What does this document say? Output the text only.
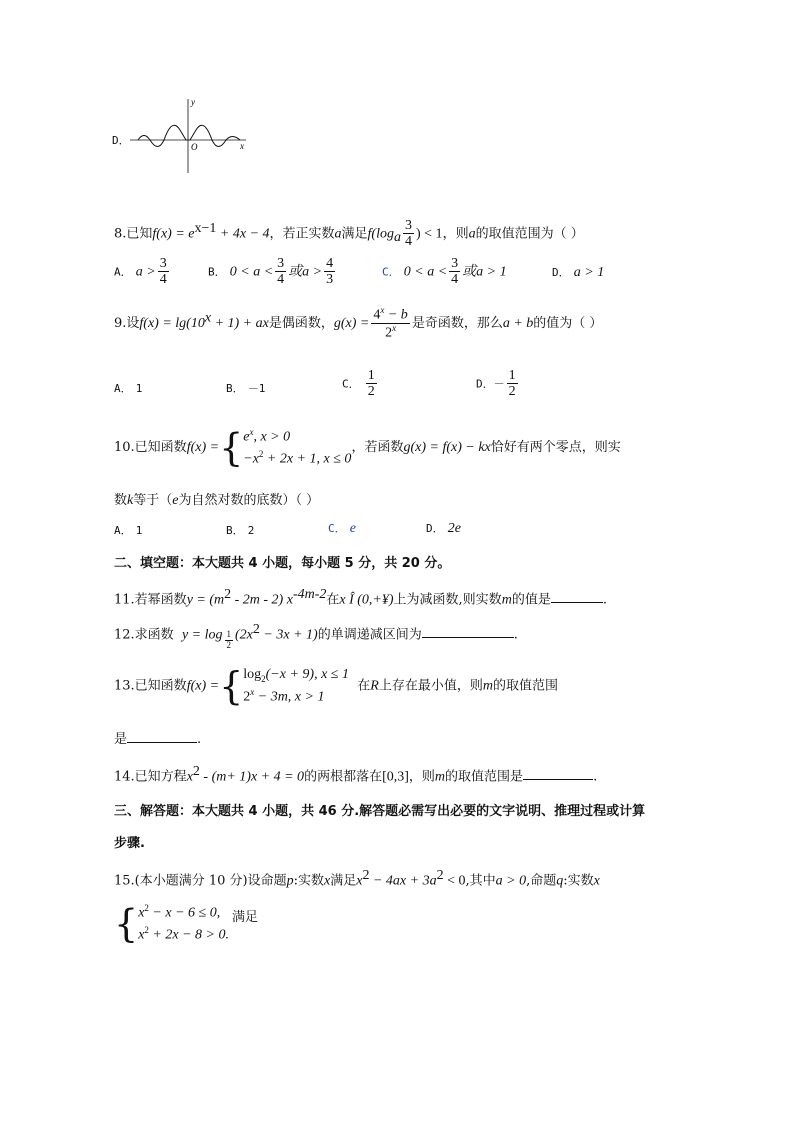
D．
y
x
O
8.已知$f(x) = e^{x-1} + 4x - 4$，若正实数a满足$f(\log_a \frac{3}{4}$ ) < 1，则a的取值范围为（ ）
A． $a > \frac{3}{4}$	B． $0 < a < \frac{3}{4}$ 或$a > \frac{4}{3}$	C． $0 < a < \frac{3}{4}$ 或a > 1	D． a > 1
9.设$f(x) = \lg(10^x + 1)$ + ax是偶函数，$g(x) = \frac{4^x - b}{2^x}$ 是奇函数，那么a + b的值为（ ）
A． 1	B． －1	C． $\frac{1}{2}$	D．－ $\frac{1}{2}$
10.已知函数f(x) ={ $e^x$, x > 0
$-x^2 + 2x + 1$, x ≤ 0
，若函数g(x) = f(x) − kx恰好有两个零点，则实
数k等于（e为自然对数的底数）（ ）
A． 1	B． 2	C． e	D． 2e
二、填空题：本大题共 4 小题，每小题 5 分，共 20 分。
11.若幂函数$y = (m^2 - 2m - 2)$ $x^{-4m-2}$在x Î (0,+¥)上为减函数,则实数m的值是	.
12.求函数 $y = \log \frac{1}{2} (2x^2 - 3x + 1)$的单调递减区间为	.
13.已知函数f(x) ={ $\log_2(-x + 9)$, x ≤ 1
$2^x - 3m$, x > 1
在R上存在最小值，则m的取值范围
是	.
14.已知方程$x^2 - (m+ 1)x + 4 = 0$的两根都落在[0,3]，则m的取值范围是	.
三、解答题：本大题共 4 小题，共 46 分.解答题必需写出必要的文字说明、推理过程或计算
步骤.
15.(本小题满分 10 分)设命题p:实数x满足$x^2 - 4ax + 3a^2 < 0$,其中a > 0,命题q:实数x
{ $x^2 - x - 6 \le 0$,
$x^2 + 2x - 8 > 0$.
满足
